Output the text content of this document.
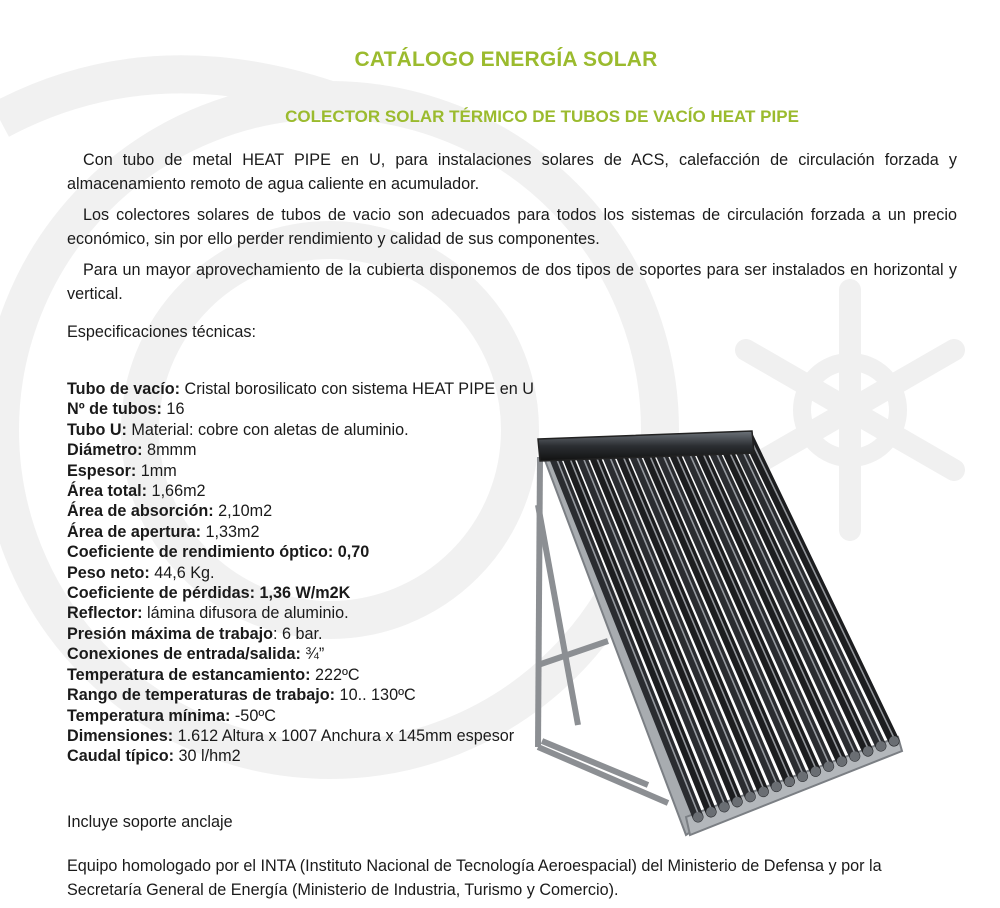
CATÁLOGO ENERGÍA SOLAR
COLECTOR SOLAR TÉRMICO DE TUBOS DE VACÍO HEAT PIPE

Con tubo de metal HEAT PIPE en U, para instalaciones solares de ACS, calefacción de circulación forzada y almacenamiento remoto de agua caliente en acumulador.

Los colectores solares de tubos de vacio son adecuados para todos los sistemas de circulación forzada a un precio económico, sin por ello perder rendimiento y calidad de sus componentes.

Para un mayor aprovechamiento de la cubierta disponemos de dos tipos de soportes para ser instalados en horizontal y vertical.

Especificaciones técnicas:

Tubo de vacío: Cristal borosilicato con sistema HEAT PIPE en U
Nº de tubos: 16
Tubo U: Material: cobre con aletas de aluminio.
Diámetro: 8mmm
Espesor: 1mm
Área total: 1,66m2
Área de absorción: 2,10m2
Área de apertura: 1,33m2
Coeficiente de rendimiento óptico: 0,70
Peso neto: 44,6 Kg.
Coeficiente de pérdidas: 1,36 W/m2K
Reflector: lámina difusora de aluminio.
Presión máxima de trabajo: 6 bar.
Conexiones de entrada/salida: ¾”
Temperatura de estancamiento: 222ºC
Rango de temperaturas de trabajo: 10.. 130ºC
Temperatura mínima: -50ºC
Dimensiones: 1.612 Altura x 1007 Anchura x 145mm espesor
Caudal típico: 30 l/hm2

Incluye soporte anclaje

Equipo homologado por el INTA (Instituto Nacional de Tecnología Aeroespacial) del Ministerio de Defensa y por la Secretaría General de Energía (Ministerio de Industria, Turismo y Comercio).
